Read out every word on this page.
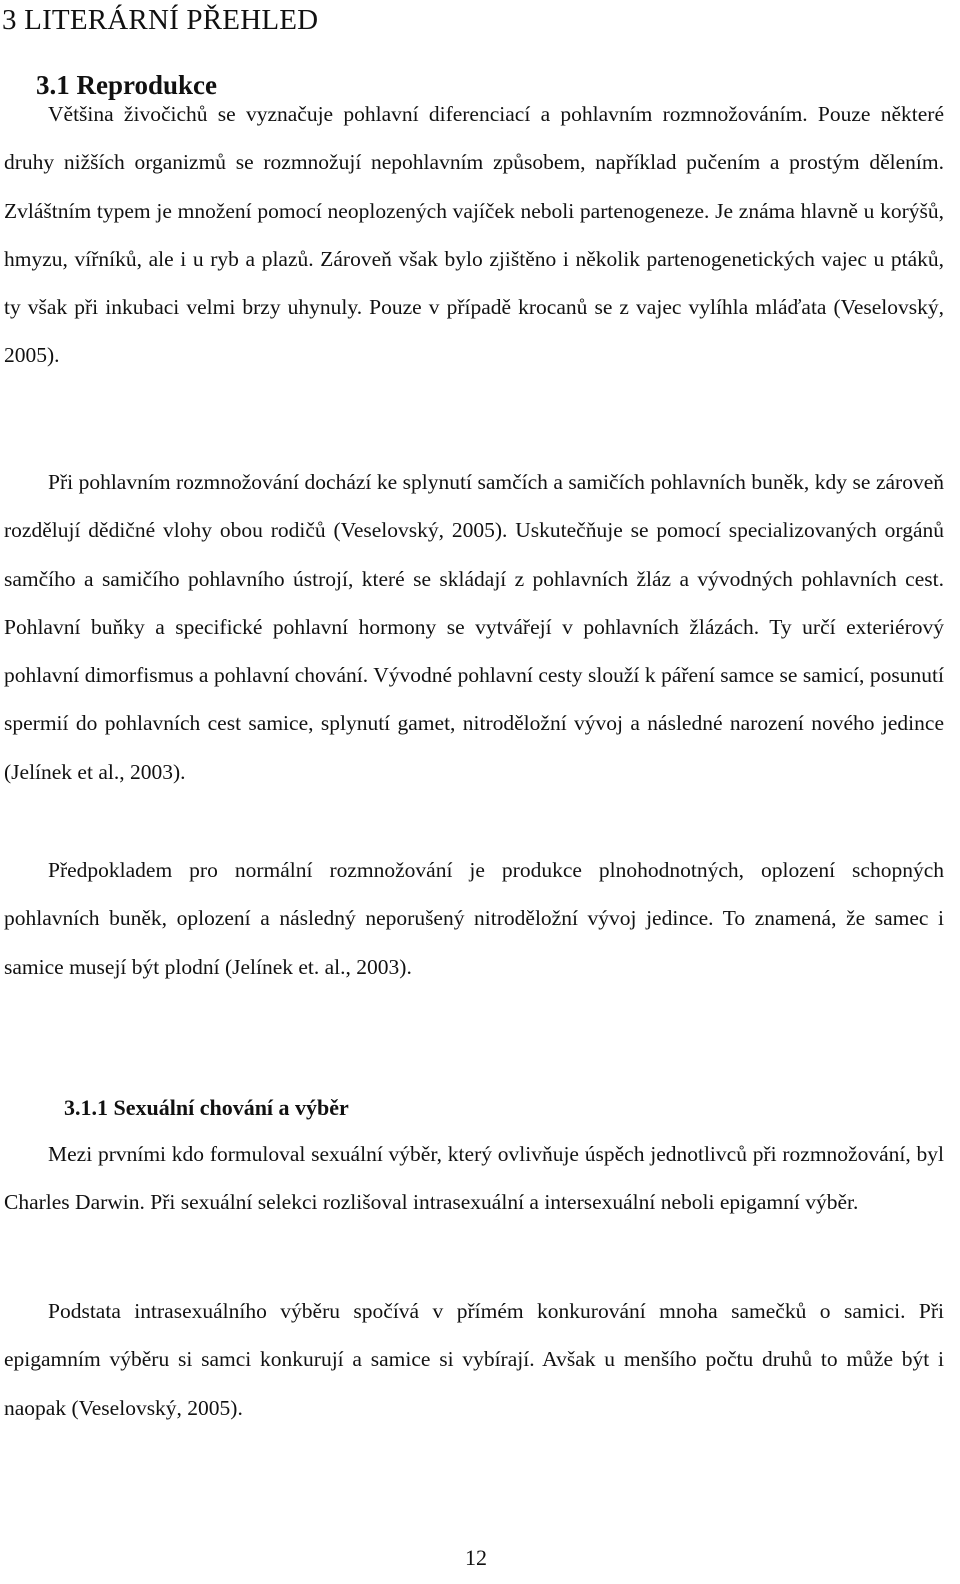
3 LITERÁRNÍ PŘEHLED
3.1 Reprodukce

Většina živočichů se vyznačuje pohlavní diferenciací a pohlavním rozmnožováním. Pouze některé druhy nižších organizmů se rozmnožují nepohlavním způsobem, například pučením a prostým dělením. Zvláštním typem je množení pomocí neoplozených vajíček neboli partenogeneze. Je známa hlavně u korýšů, hmyzu, vířníků, ale i u ryb a plazů. Zároveň však bylo zjištěno i několik partenogenetických vajec u ptáků, ty však při inkubaci velmi brzy uhynuly. Pouze v případě krocanů se z vajec vylíhla mláďata (Veselovský, 2005).

Při pohlavním rozmnožování dochází ke splynutí samčích a samičích pohlavních buněk, kdy se zároveň rozdělují dědičné vlohy obou rodičů (Veselovský, 2005). Uskutečňuje se pomocí specializovaných orgánů samčího a samičího pohlavního ústrojí, které se skládají z pohlavních žláz a vývodných pohlavních cest. Pohlavní buňky a specifické pohlavní hormony se vytvářejí v pohlavních žlázách. Ty určí exteriérový pohlavní dimorfismus a pohlavní chování. Vývodné pohlavní cesty slouží k páření samce se samicí, posunutí spermií do pohlavních cest samice, splynutí gamet, nitroděložní vývoj a následné narození nového jedince (Jelínek et al., 2003).

Předpokladem pro normální rozmnožování je produkce plnohodnotných, oplození schopných pohlavních buněk, oplození a následný neporušený nitroděložní vývoj jedince. To znamená, že samec i samice musejí být plodní (Jelínek et. al., 2003).

3.1.1 Sexuální chování a výběr

Mezi prvními kdo formuloval sexuální výběr, který ovlivňuje úspěch jednotlivců při rozmnožování, byl Charles Darwin. Při sexuální selekci rozlišoval intrasexuální a intersexuální neboli epigamní výběr.

Podstata intrasexuálního výběru spočívá v přímém konkurování mnoha samečků o samici. Při epigamním výběru si samci konkurují a samice si vybírají. Avšak u menšího počtu druhů to může být i naopak (Veselovský, 2005).

12
